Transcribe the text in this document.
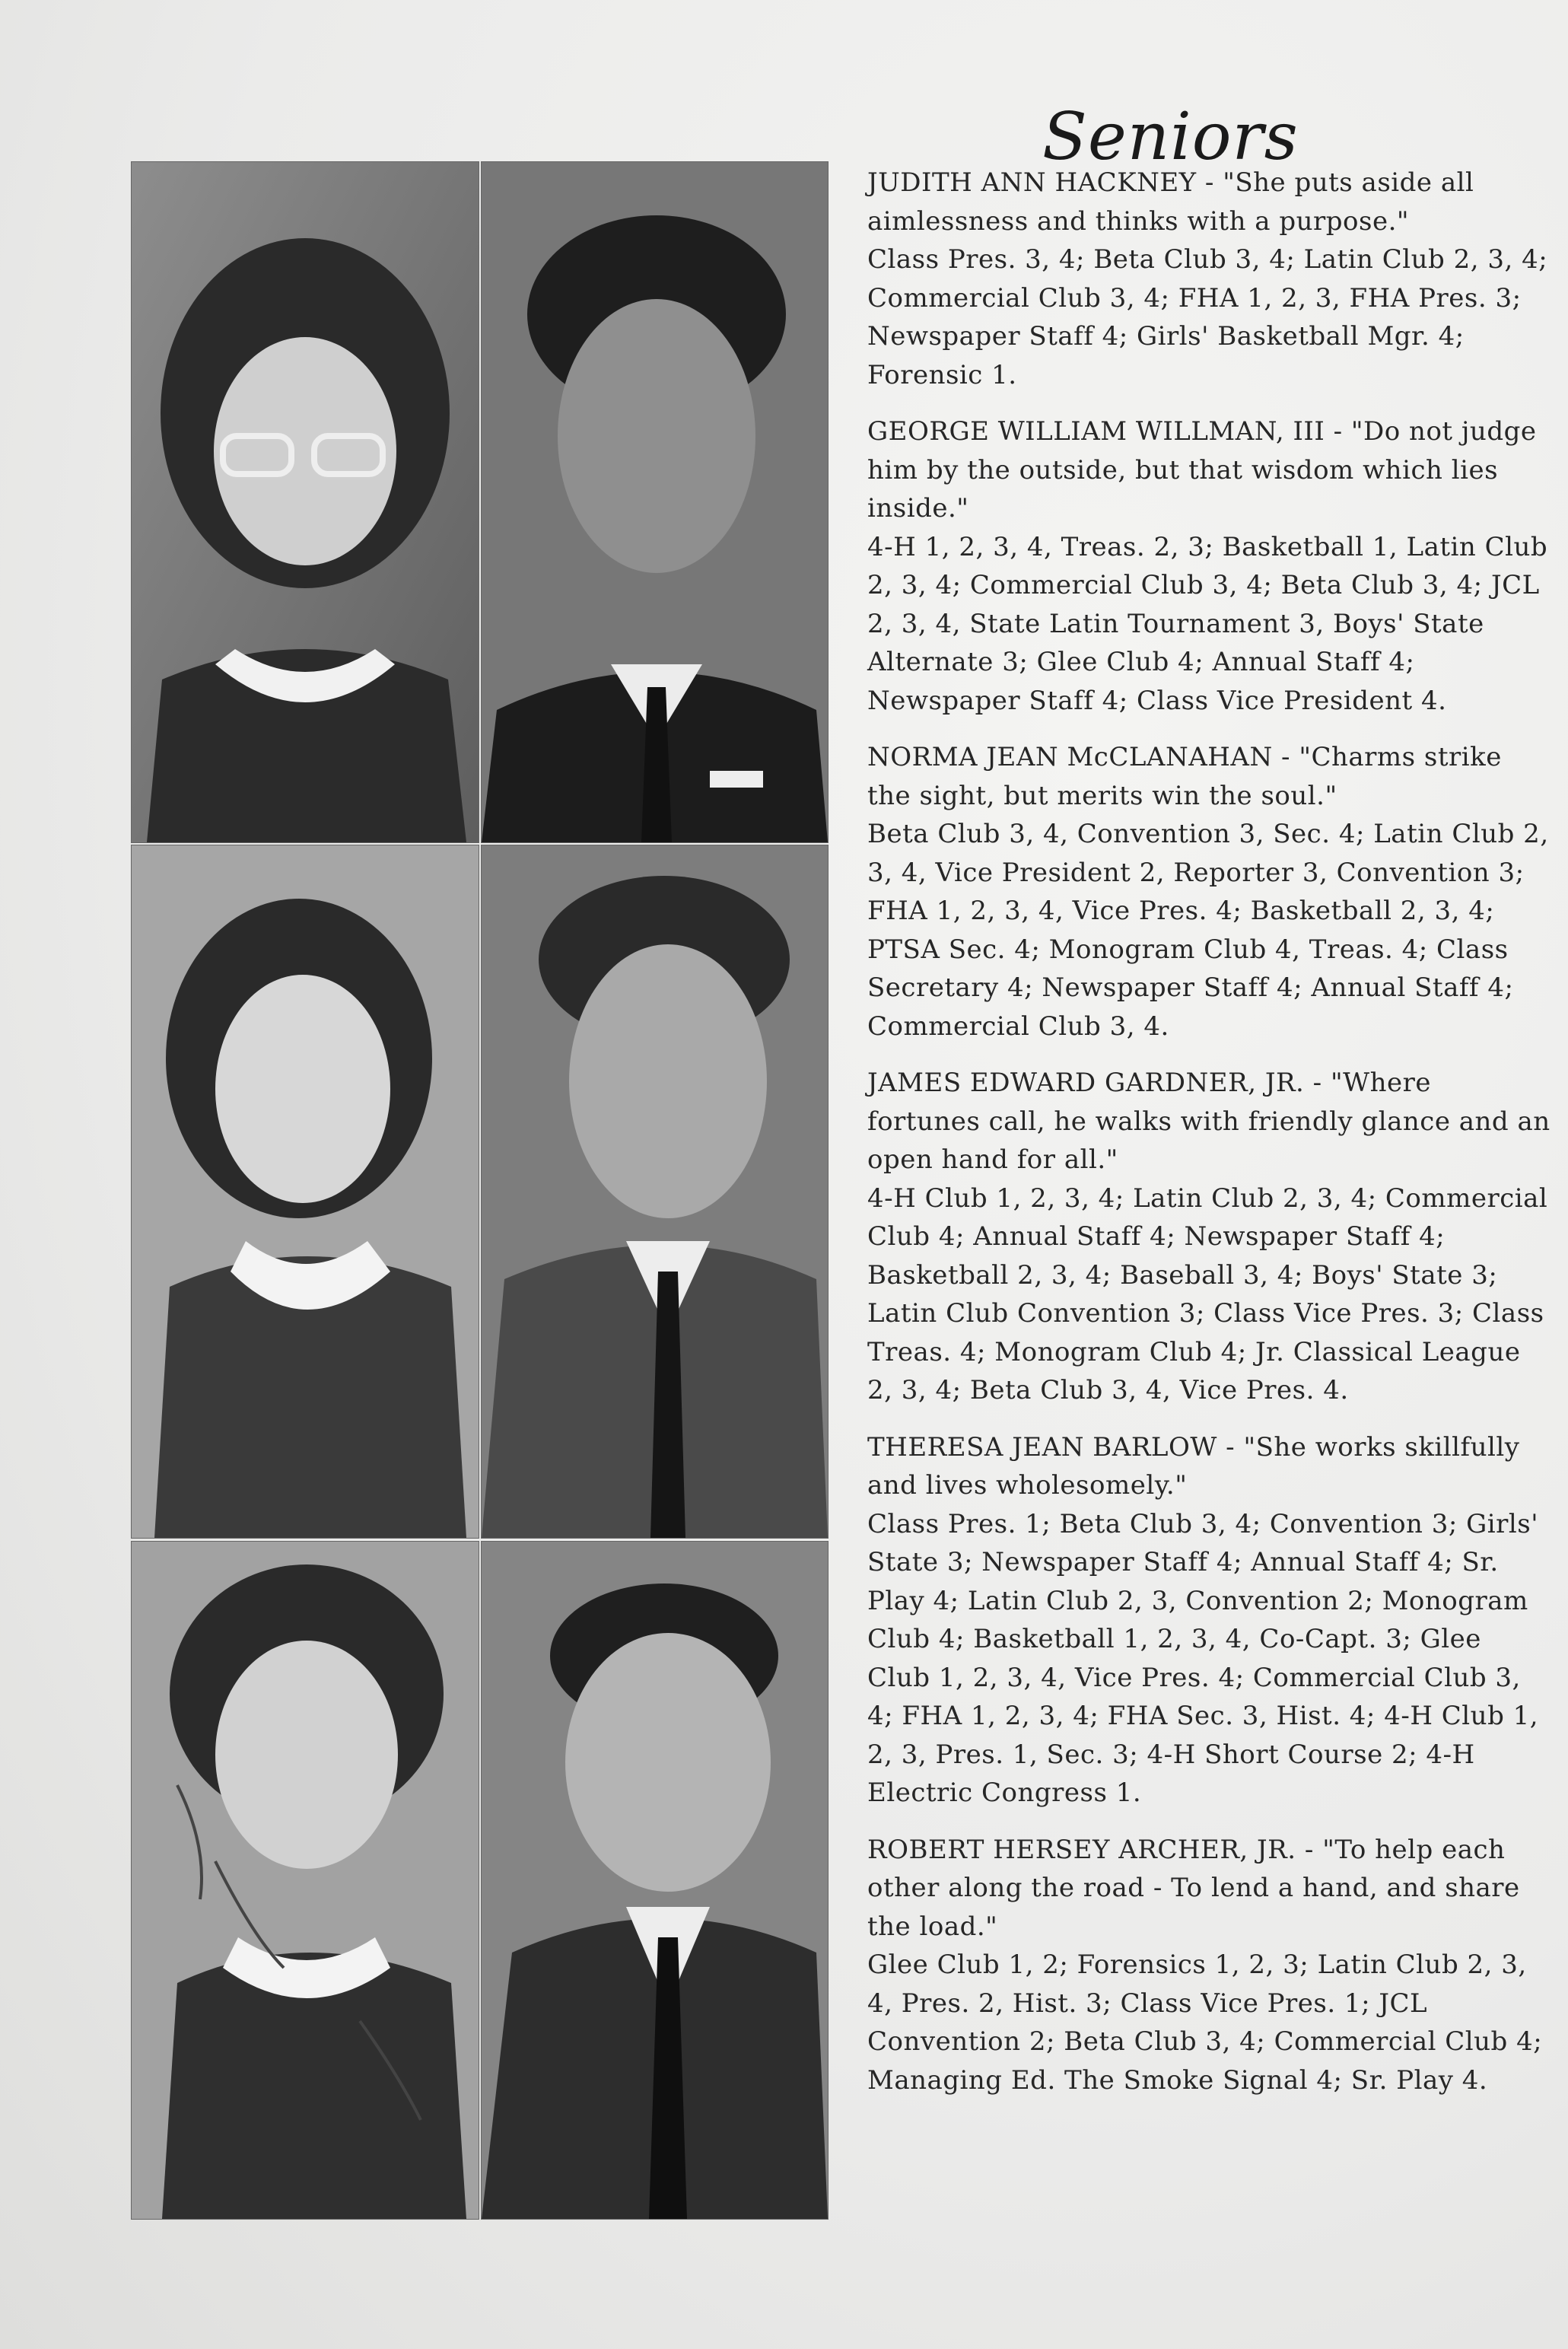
Seniors

JUDITH ANN HACKNEY - "She puts aside all aimlessness and thinks with a purpose."
Class Pres. 3, 4; Beta Club 3, 4; Latin Club 2, 3, 4; Commercial Club 3, 4; FHA 1, 2, 3, FHA Pres. 3; Newspaper Staff 4; Girls' Basketball Mgr. 4; Forensic 1.

GEORGE WILLIAM WILLMAN, III - "Do not judge him by the outside, but that wisdom which lies inside."
4-H 1, 2, 3, 4, Treas. 2, 3; Basketball 1, Latin Club 2, 3, 4; Commercial Club 3, 4; Beta Club 3, 4; JCL 2, 3, 4, State Latin Tournament 3, Boys' State Alternate 3; Glee Club 4; Annual Staff 4; Newspaper Staff 4; Class Vice President 4.

NORMA JEAN McCLANAHAN - "Charms strike the sight, but merits win the soul."
Beta Club 3, 4, Convention 3, Sec. 4; Latin Club 2, 3, 4, Vice President 2, Reporter 3, Convention 3; FHA 1, 2, 3, 4, Vice Pres. 4; Basketball 2, 3, 4; PTSA Sec. 4; Monogram Club 4, Treas. 4; Class Secretary 4; Newspaper Staff 4; Annual Staff 4; Commercial Club 3, 4.

JAMES EDWARD GARDNER, JR. - "Where fortunes call, he walks with friendly glance and an open hand for all."
4-H Club 1, 2, 3, 4; Latin Club 2, 3, 4; Commercial Club 4; Annual Staff 4; Newspaper Staff 4; Basketball 2, 3, 4; Baseball 3, 4; Boys' State 3; Latin Club Convention 3; Class Vice Pres. 3; Class Treas. 4; Monogram Club 4; Jr. Classical League 2, 3, 4; Beta Club 3, 4, Vice Pres. 4.

THERESA JEAN BARLOW - "She works skillfully and lives wholesomely."
Class Pres. 1; Beta Club 3, 4; Convention 3; Girls' State 3; Newspaper Staff 4; Annual Staff 4; Sr. Play 4; Latin Club 2, 3, Convention 2; Monogram Club 4; Basketball 1, 2, 3, 4, Co-Capt. 3; Glee Club 1, 2, 3, 4, Vice Pres. 4; Commercial Club 3, 4; FHA 1, 2, 3, 4; FHA Sec. 3, Hist. 4; 4-H Club 1, 2, 3, Pres. 1, Sec. 3; 4-H Short Course 2; 4-H Electric Congress 1.

ROBERT HERSEY ARCHER, JR. - "To help each other along the road - To lend a hand, and share the load."
Glee Club 1, 2; Forensics 1, 2, 3; Latin Club 2, 3, 4, Pres. 2, Hist. 3; Class Vice Pres. 1; JCL Convention 2; Beta Club 3, 4; Commercial Club 4; Managing Ed. The Smoke Signal 4; Sr. Play 4.
